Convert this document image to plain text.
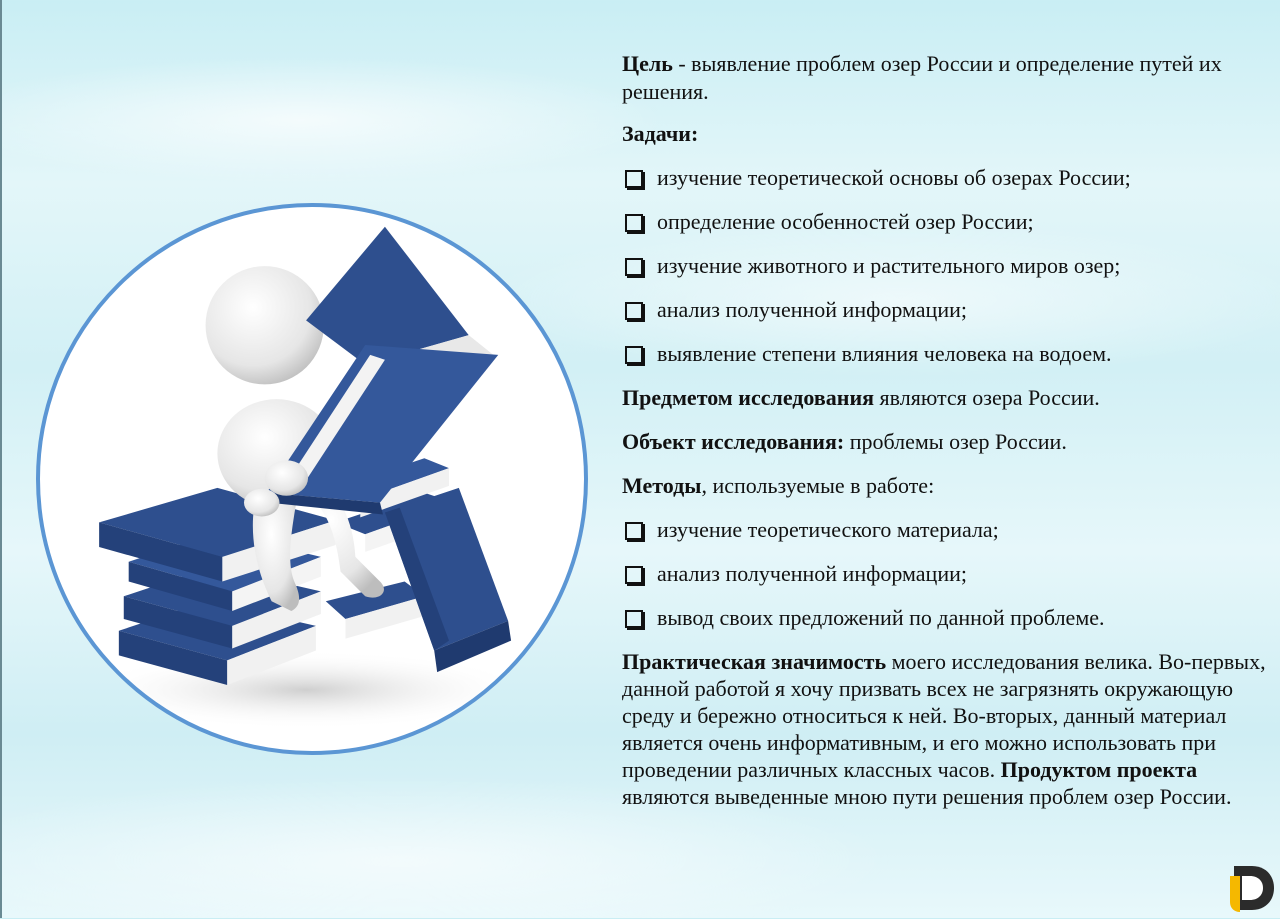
Цель - выявление проблем озер России и определение путей их решения.

Задачи:

изучение теоретической основы об озерах России;
определение особенностей озер России;
изучение животного и растительного миров озер;
анализ полученной информации;
выявление степени влияния человека на водоем.

Предметом исследования являются озера России.

Объект исследования: проблемы озер России.

Методы, используемые в работе:

изучение теоретического материала;
анализ полученной информации;
вывод своих предложений по данной проблеме.

Практическая значимость моего исследования велика. Во-первых, данной работой я хочу призвать всех не загрязнять окружающую среду и бережно относиться к ней. Во-вторых, данный материал является очень информативным, и его можно использовать при проведении различных классных часов. Продуктом проекта являются выведенные мною пути решения проблем озер России.
